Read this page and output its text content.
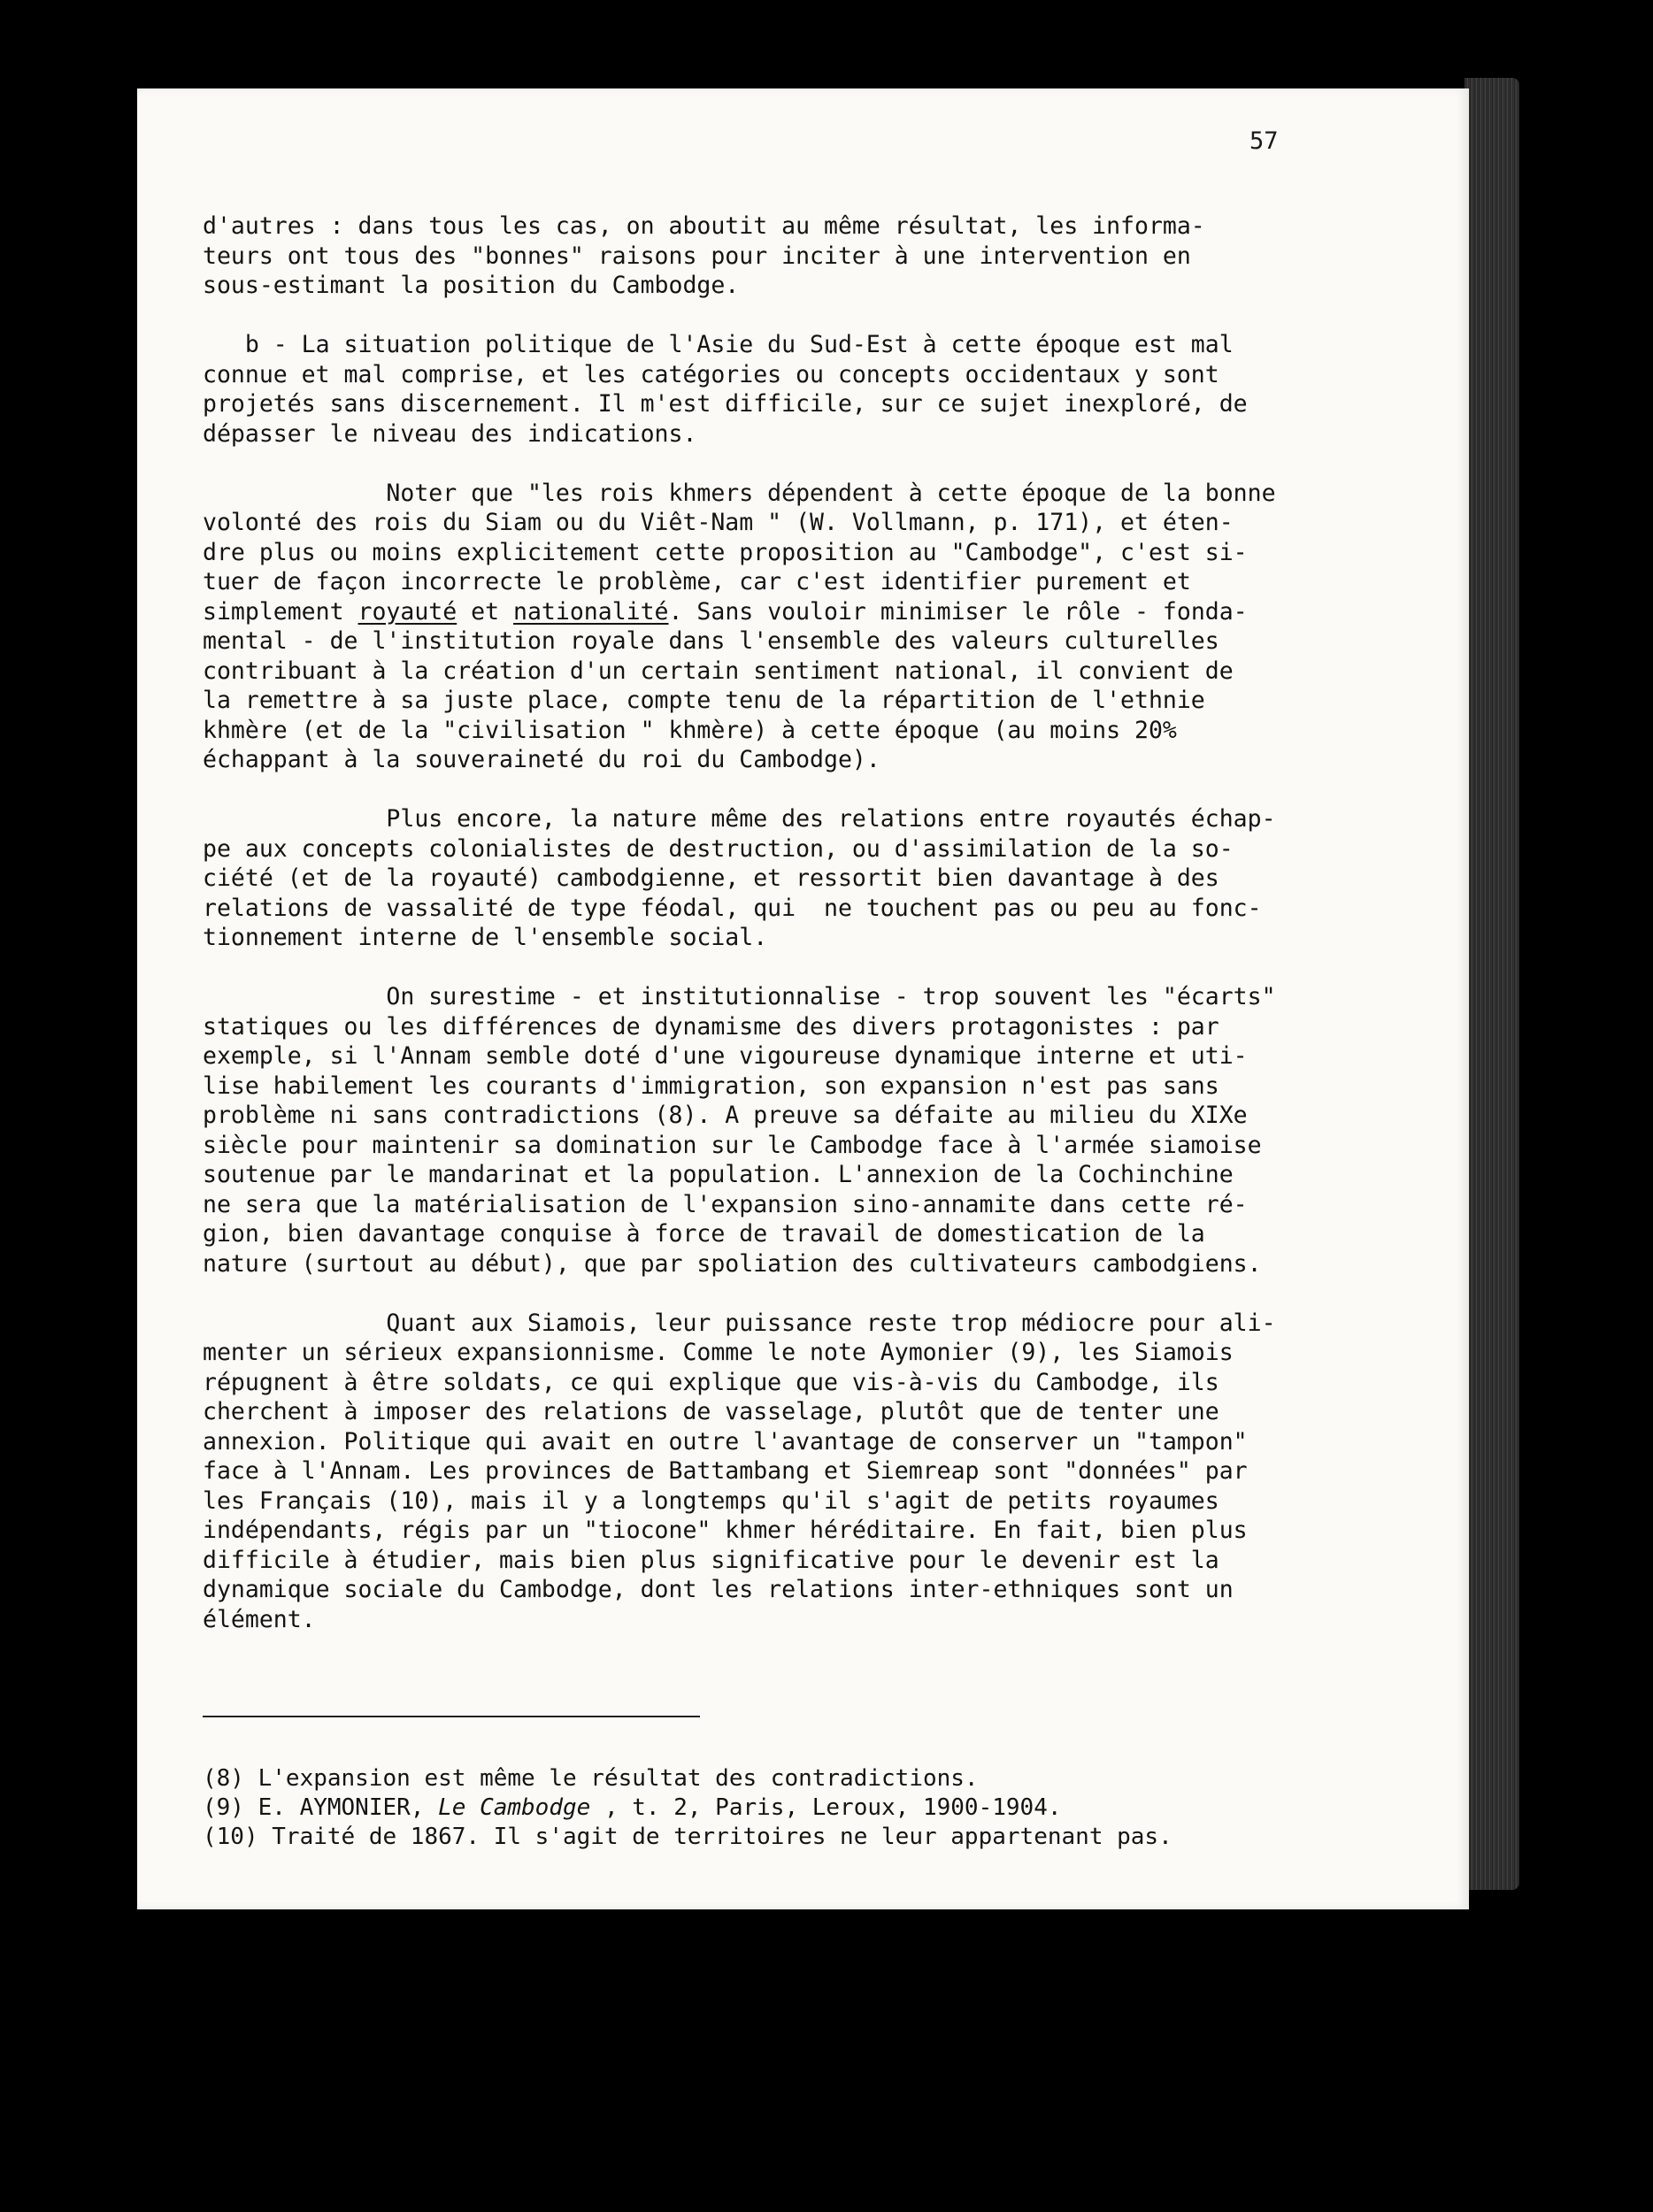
57

d'autres : dans tous les cas, on aboutit au même résultat, les informa-
teurs ont tous des "bonnes" raisons pour inciter à une intervention en
sous-estimant la position du Cambodge.

b - La situation politique de l'Asie du Sud-Est à cette époque est mal
connue et mal comprise, et les catégories ou concepts occidentaux y sont
projetés sans discernement. Il m'est difficile, sur ce sujet inexploré, de
dépasser le niveau des indications.

Noter que "les rois khmers dépendent à cette époque de la bonne
volonté des rois du Siam ou du Viêt-Nam " (W. Vollmann, p. 171), et éten-
dre plus ou moins explicitement cette proposition au "Cambodge", c'est si-
tuer de façon incorrecte le problème, car c'est identifier purement et
simplement royauté et nationalité. Sans vouloir minimiser le rôle - fonda-
mental - de l'institution royale dans l'ensemble des valeurs culturelles
contribuant à la création d'un certain sentiment national, il convient de
la remettre à sa juste place, compte tenu de la répartition de l'ethnie
khmère (et de la "civilisation " khmère) à cette époque (au moins 20%
échappant à la souveraineté du roi du Cambodge).

Plus encore, la nature même des relations entre royautés échap-
pe aux concepts colonialistes de destruction, ou d'assimilation de la so-
ciété (et de la royauté) cambodgienne, et ressortit bien davantage à des
relations de vassalité de type féodal, qui  ne touchent pas ou peu au fonc-
tionnement interne de l'ensemble social.

On surestime - et institutionnalise - trop souvent les "écarts"
statiques ou les différences de dynamisme des divers protagonistes : par
exemple, si l'Annam semble doté d'une vigoureuse dynamique interne et uti-
lise habilement les courants d'immigration, son expansion n'est pas sans
problème ni sans contradictions (8). A preuve sa défaite au milieu du XIXe
siècle pour maintenir sa domination sur le Cambodge face à l'armée siamoise
soutenue par le mandarinat et la population. L'annexion de la Cochinchine
ne sera que la matérialisation de l'expansion sino-annamite dans cette ré-
gion, bien davantage conquise à force de travail de domestication de la
nature (surtout au début), que par spoliation des cultivateurs cambodgiens.

Quant aux Siamois, leur puissance reste trop médiocre pour ali-
menter un sérieux expansionnisme. Comme le note Aymonier (9), les Siamois
répugnent à être soldats, ce qui explique que vis-à-vis du Cambodge, ils
cherchent à imposer des relations de vasselage, plutôt que de tenter une
annexion. Politique qui avait en outre l'avantage de conserver un "tampon"
face à l'Annam. Les provinces de Battambang et Siemreap sont "données" par
les Français (10), mais il y a longtemps qu'il s'agit de petits royaumes
indépendants, régis par un "tiocone" khmer héréditaire. En fait, bien plus
difficile à étudier, mais bien plus significative pour le devenir est la
dynamique sociale du Cambodge, dont les relations inter-ethniques sont un
élément.

(8) L'expansion est même le résultat des contradictions.

(9) E. AYMONIER, Le Cambodge , t. 2, Paris, Leroux, 1900-1904.

(10) Traité de 1867. Il s'agit de territoires ne leur appartenant pas.
